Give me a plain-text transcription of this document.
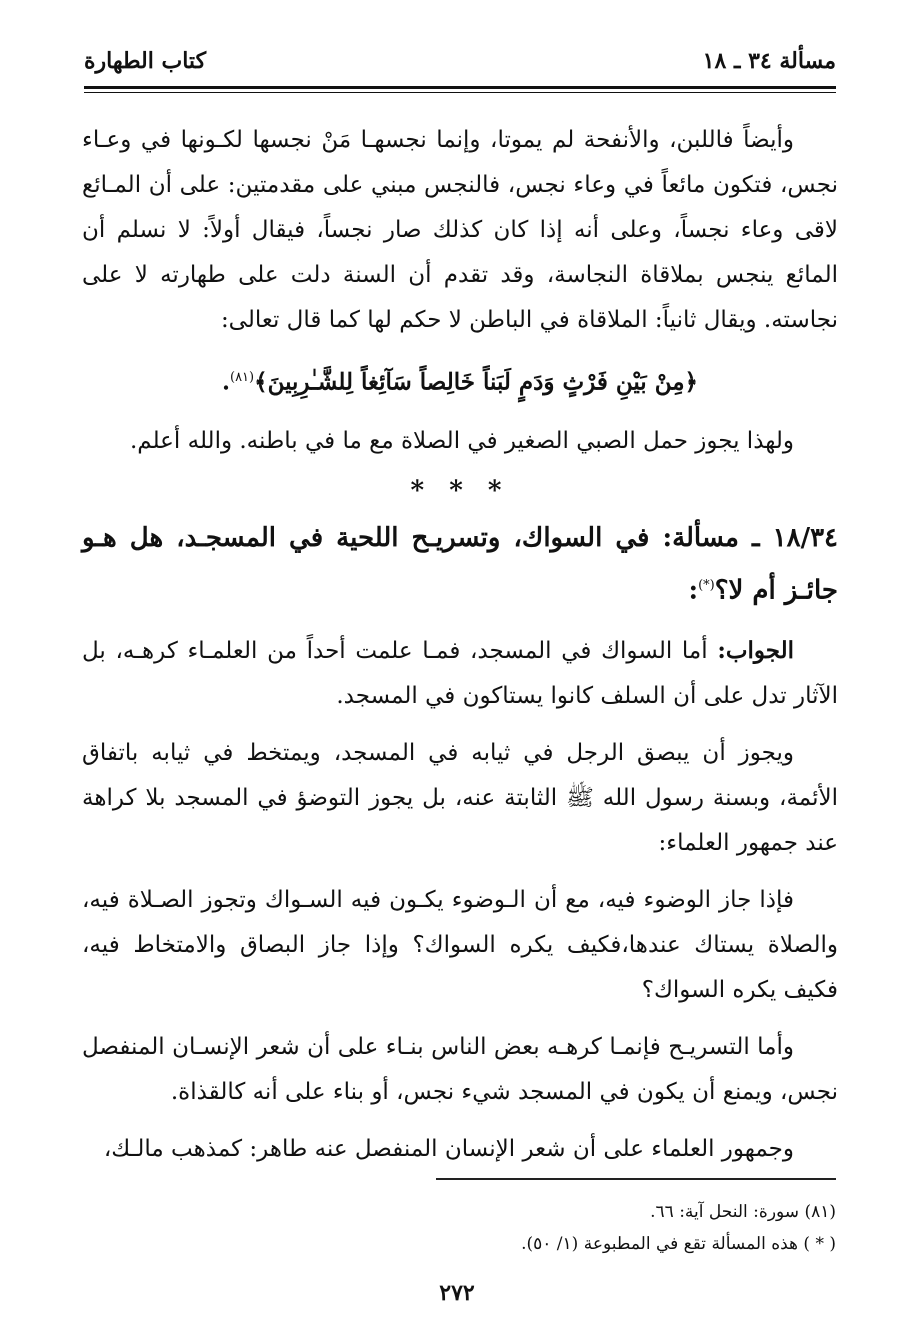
مسألة ٣٤ ـ ١٨
كتاب الطهارة

وأيضاً فاللبن، والأنفحة لم يموتا، وإنما نجسهـا مَنْ نجسها لكـونها في وعـاء نجس، فتكون مائعاً في وعاء نجس، فالنجس مبني على مقدمتين: على أن المـائع لاقى وعاء نجساً، وعلى أنه إذا كان كذلك صار نجساً، فيقال أولاً: لا نسلم أن المائع ينجس بملاقاة النجاسة، وقد تقدم أن السنة دلت على طهارته لا على نجاسته. ويقال ثانياً: الملاقاة في الباطن لا حكم لها كما قال تعالى:

﴿مِنْ بَيْنِ فَرْثٍ وَدَمٍ لَبَناً خَالِصاً سَآئِغاً لِلشَّـٰرِبِينَ﴾$^{(٨١)}$.

ولهذا يجوز حمل الصبي الصغير في الصلاة مع ما في باطنه. والله أعلم.

* * *

١٨/٣٤ ـ مسألة: في السواك، وتسريـح اللحية في المسجـد، هل هـو جائـز أم لا؟(*):

الجواب: أما السواك في المسجد، فمـا علمت أحداً من العلمـاء كرهـه، بل الآثار تدل على أن السلف كانوا يستاكون في المسجد.

ويجوز أن يبصق الرجل في ثيابه في المسجد، ويمتخط في ثيابه باتفاق الأئمة، وبسنة رسول الله ﷺ الثابتة عنه، بل يجوز التوضؤ في المسجد بلا كراهة عند جمهور العلماء:

فإذا جاز الوضوء فيه، مع أن الـوضوء يكـون فيه السـواك وتجوز الصـلاة فيه، والصلاة يستاك عندها،فكيف يكره السواك؟ وإذا جاز البصاق والامتخاط فيه، فكيف يكره السواك؟

وأما التسريـح فإنمـا كرهـه بعض الناس بنـاء على أن شعر الإنسـان المنفصل نجس، ويمنع أن يكون في المسجد شيء نجس، أو بناء على أنه كالقذاة.

وجمهور العلماء على أن شعر الإنسان المنفصل عنه طاهر: كمذهب مالـك،

(٨١) سورة: النحل آية: ٦٦.

( * ) هذه المسألة تقع في المطبوعة (١/ ٥٠).

٢٧٢
